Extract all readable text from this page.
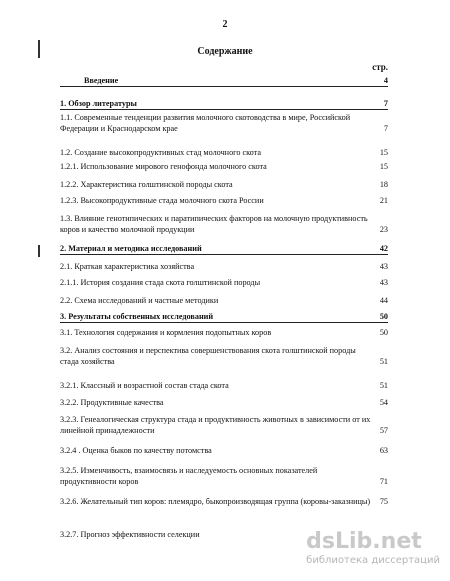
2
Содержание
стр.
Введение	4
1. Обзор литературы	7
1.1. Современные тенденции развития молочного скотоводства в мире, Российской Федерации и Краснодарском крае	7
1.2. Создание высокопродуктивных стад молочного скота	15
1.2.1. Использование мирового генофонда молочного скота	15
1.2.2. Характеристика голштинской породы скота	18
1.2.3. Высокопродуктивные стада молочного скота России	21
1.3. Влияние генотипических и паратипических факторов на молочную продуктивность коров и качество молочной продукции	23
2. Материал и методика исследований	42
2.1. Краткая характеристика хозяйства	43
2.1.1. История создания стада скота голштинской породы	43
2.2. Схема исследований и частные методики	44
3. Результаты собственных исследований	50
3.1. Технология содержания и кормления подопытных коров	50
3.2. Анализ состояния и перспектива совершенствования скота голштинской породы стада хозяйства	51
3.2.1. Классный и возрастной состав стада скота	51
3.2.2. Продуктивные качества	54
3.2.3. Генеалогическая структура стада и продуктивность животных в зависимости от их линейной принадлежности	57
3.2.4 . Оценка быков по качеству потомства	63
3.2.5. Изменчивость, взаимосвязь и наследуемость основных показателей продуктивности коров	71
3.2.6. Желательный тип коров: племядро, быкопроизводящая группа (коровы-заказницы)	75
3.2.7. Прогноз эффективности селекции	dsLib.net
библиотека диссертаций
